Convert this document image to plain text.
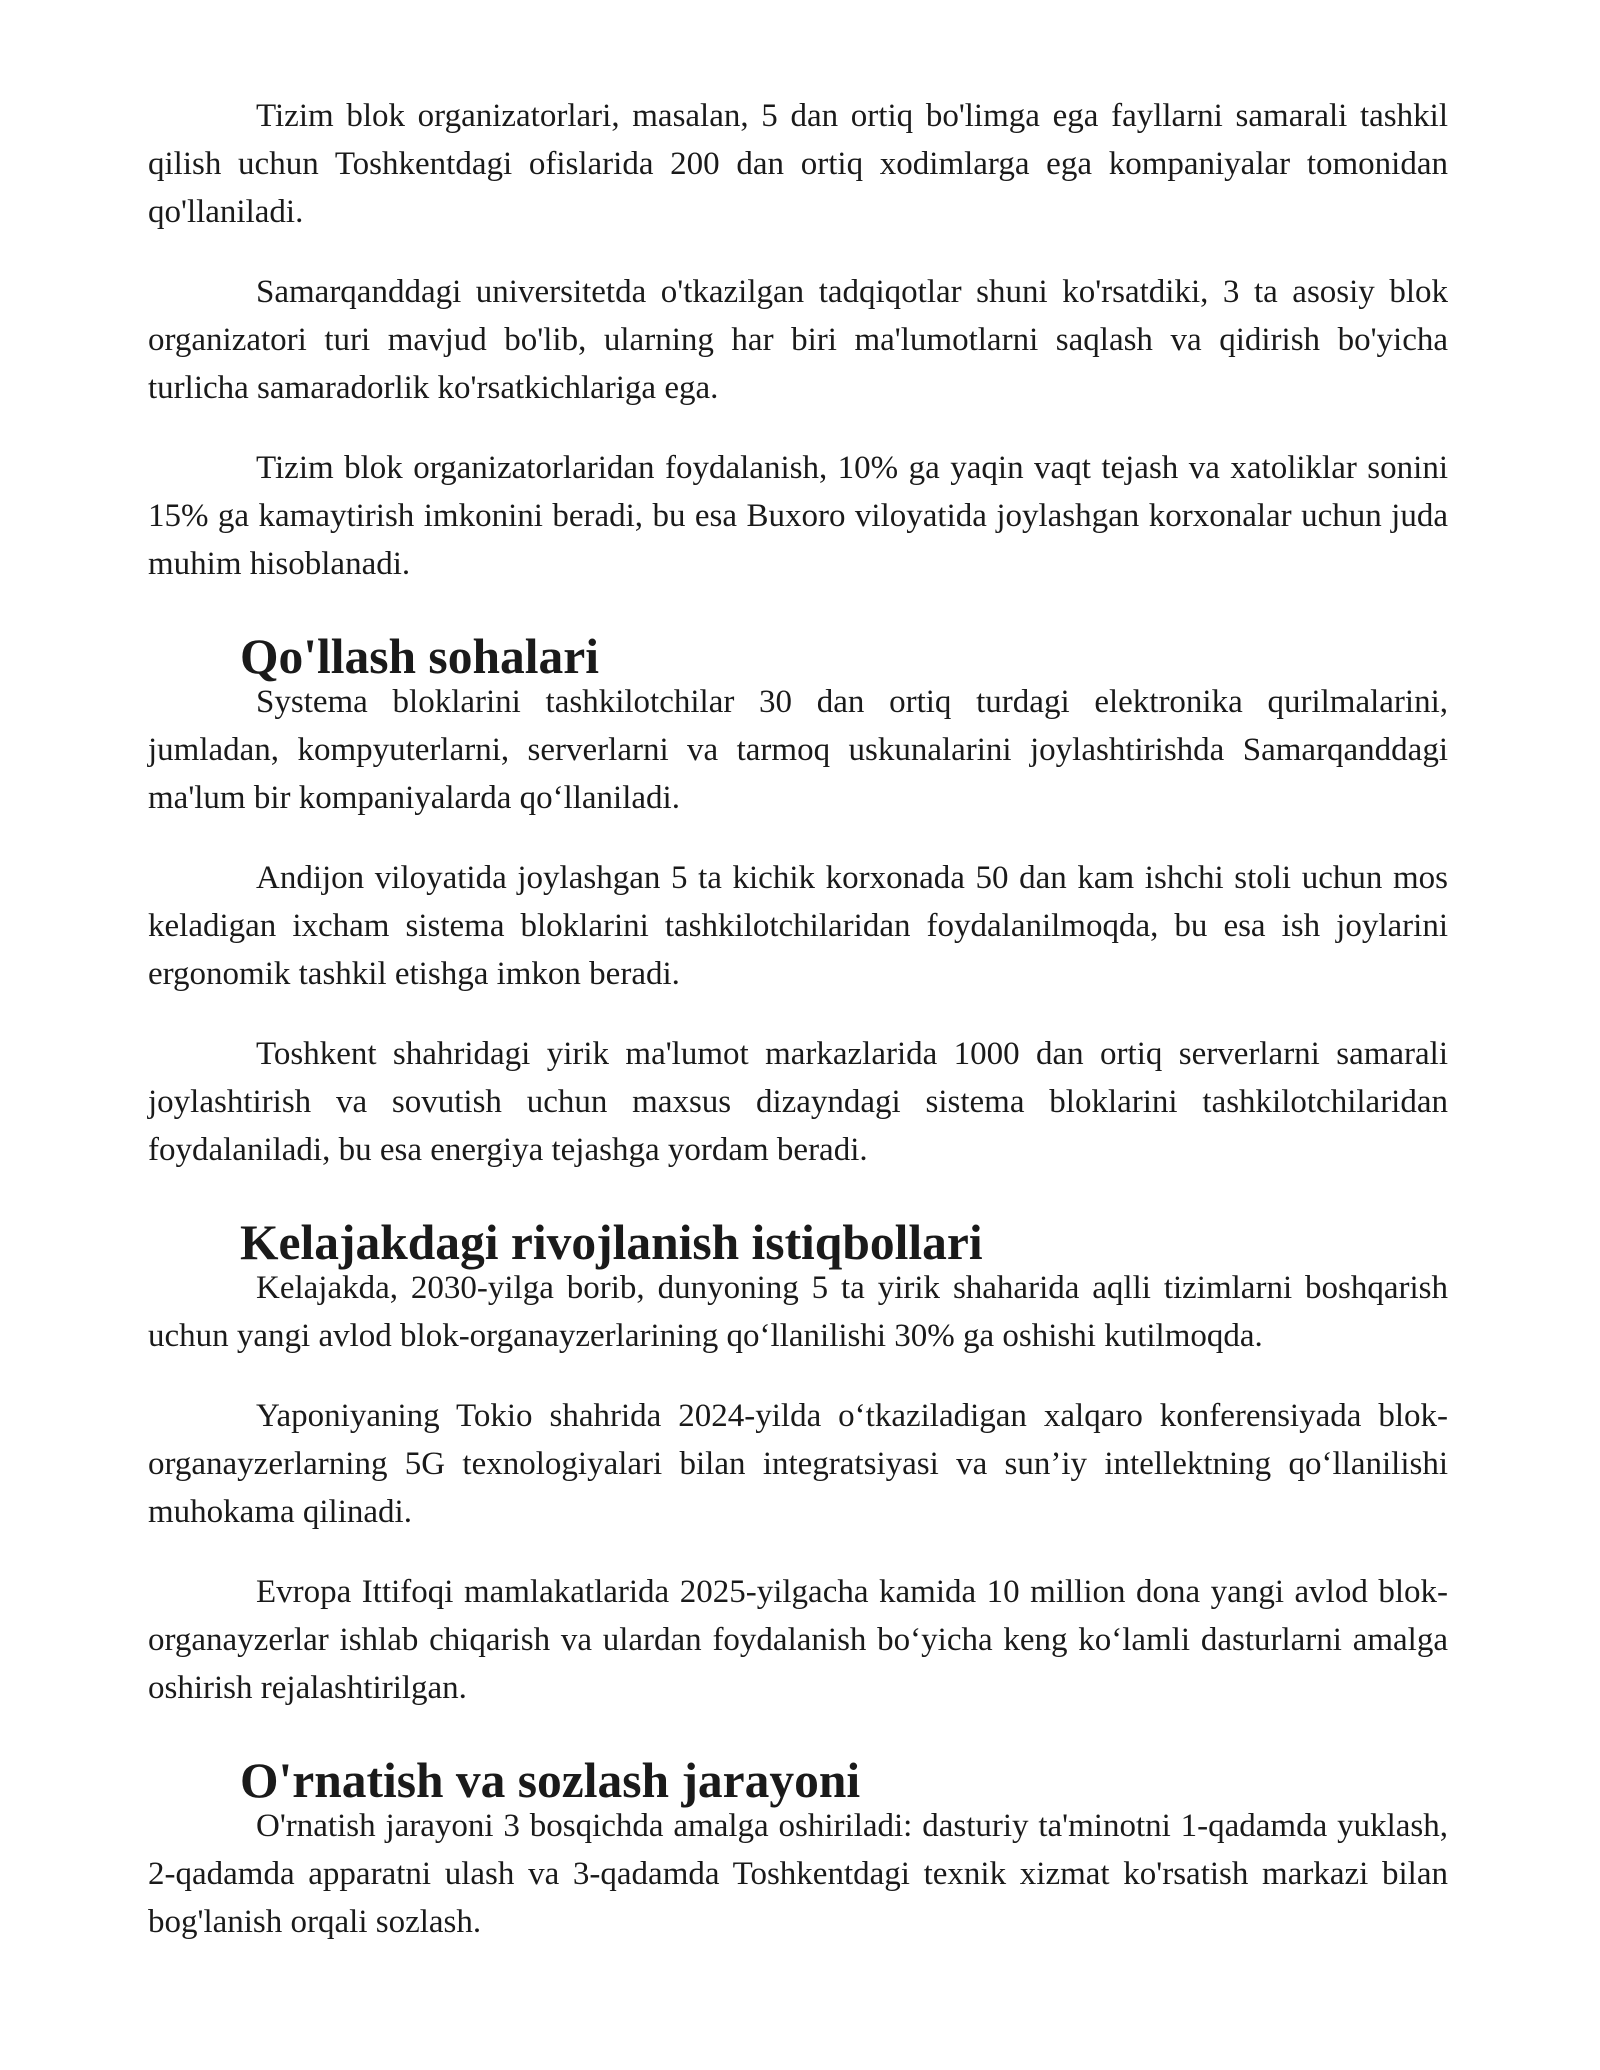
Tizim blok organizatorlari, masalan, 5 dan ortiq bo'limga ega fayllarni samarali tashkil qilish uchun Toshkentdagi ofislarida 200 dan ortiq xodimlarga ega kompaniyalar tomonidan qo'llaniladi.

Samarqanddagi universitetda o'tkazilgan tadqiqotlar shuni ko'rsatdiki, 3 ta asosiy blok organizatori turi mavjud bo'lib, ularning har biri ma'lumotlarni saqlash va qidirish bo'yicha turlicha samaradorlik ko'rsatkichlariga ega.

Tizim blok organizatorlaridan foydalanish, 10% ga yaqin vaqt tejash va xatoliklar sonini 15% ga kamaytirish imkonini beradi, bu esa Buxoro viloyatida joylashgan korxonalar uchun juda muhim hisoblanadi.

Qo'llash sohalari

Systema bloklarini tashkilotchilar 30 dan ortiq turdagi elektronika qurilmalarini, jumladan, kompyuterlarni, serverlarni va tarmoq uskunalarini joylashtirishda Samarqanddagi ma'lum bir kompaniyalarda qo‘llaniladi.

Andijon viloyatida joylashgan 5 ta kichik korxonada 50 dan kam ishchi stoli uchun mos keladigan ixcham sistema bloklarini tashkilotchilaridan foydalanilmoqda, bu esa ish joylarini ergonomik tashkil etishga imkon beradi.

Toshkent shahridagi yirik ma'lumot markazlarida 1000 dan ortiq serverlarni samarali joylashtirish va sovutish uchun maxsus dizayndagi sistema bloklarini tashkilotchilaridan foydalaniladi, bu esa energiya tejashga yordam beradi.

Kelajakdagi rivojlanish istiqbollari

Kelajakda, 2030-yilga borib, dunyoning 5 ta yirik shaharida aqlli tizimlarni boshqarish uchun yangi avlod blok-organayzerlarining qo‘llanilishi 30% ga oshishi kutilmoqda.

Yaponiyaning Tokio shahrida 2024-yilda o‘tkaziladigan xalqaro konferensiyada blok-organayzerlarning 5G texnologiyalari bilan integratsiyasi va sun’iy intellektning qo‘llanilishi muhokama qilinadi.

Evropa Ittifoqi mamlakatlarida 2025-yilgacha kamida 10 million dona yangi avlod blok-organayzerlar ishlab chiqarish va ulardan foydalanish bo‘yicha keng ko‘lamli dasturlarni amalga oshirish rejalashtirilgan.

O'rnatish va sozlash jarayoni

O'rnatish jarayoni 3 bosqichda amalga oshiriladi: dasturiy ta'minotni 1-qadamda yuklash, 2-qadamda apparatni ulash va 3-qadamda Toshkentdagi texnik xizmat ko'rsatish markazi bilan bog'lanish orqali sozlash.
